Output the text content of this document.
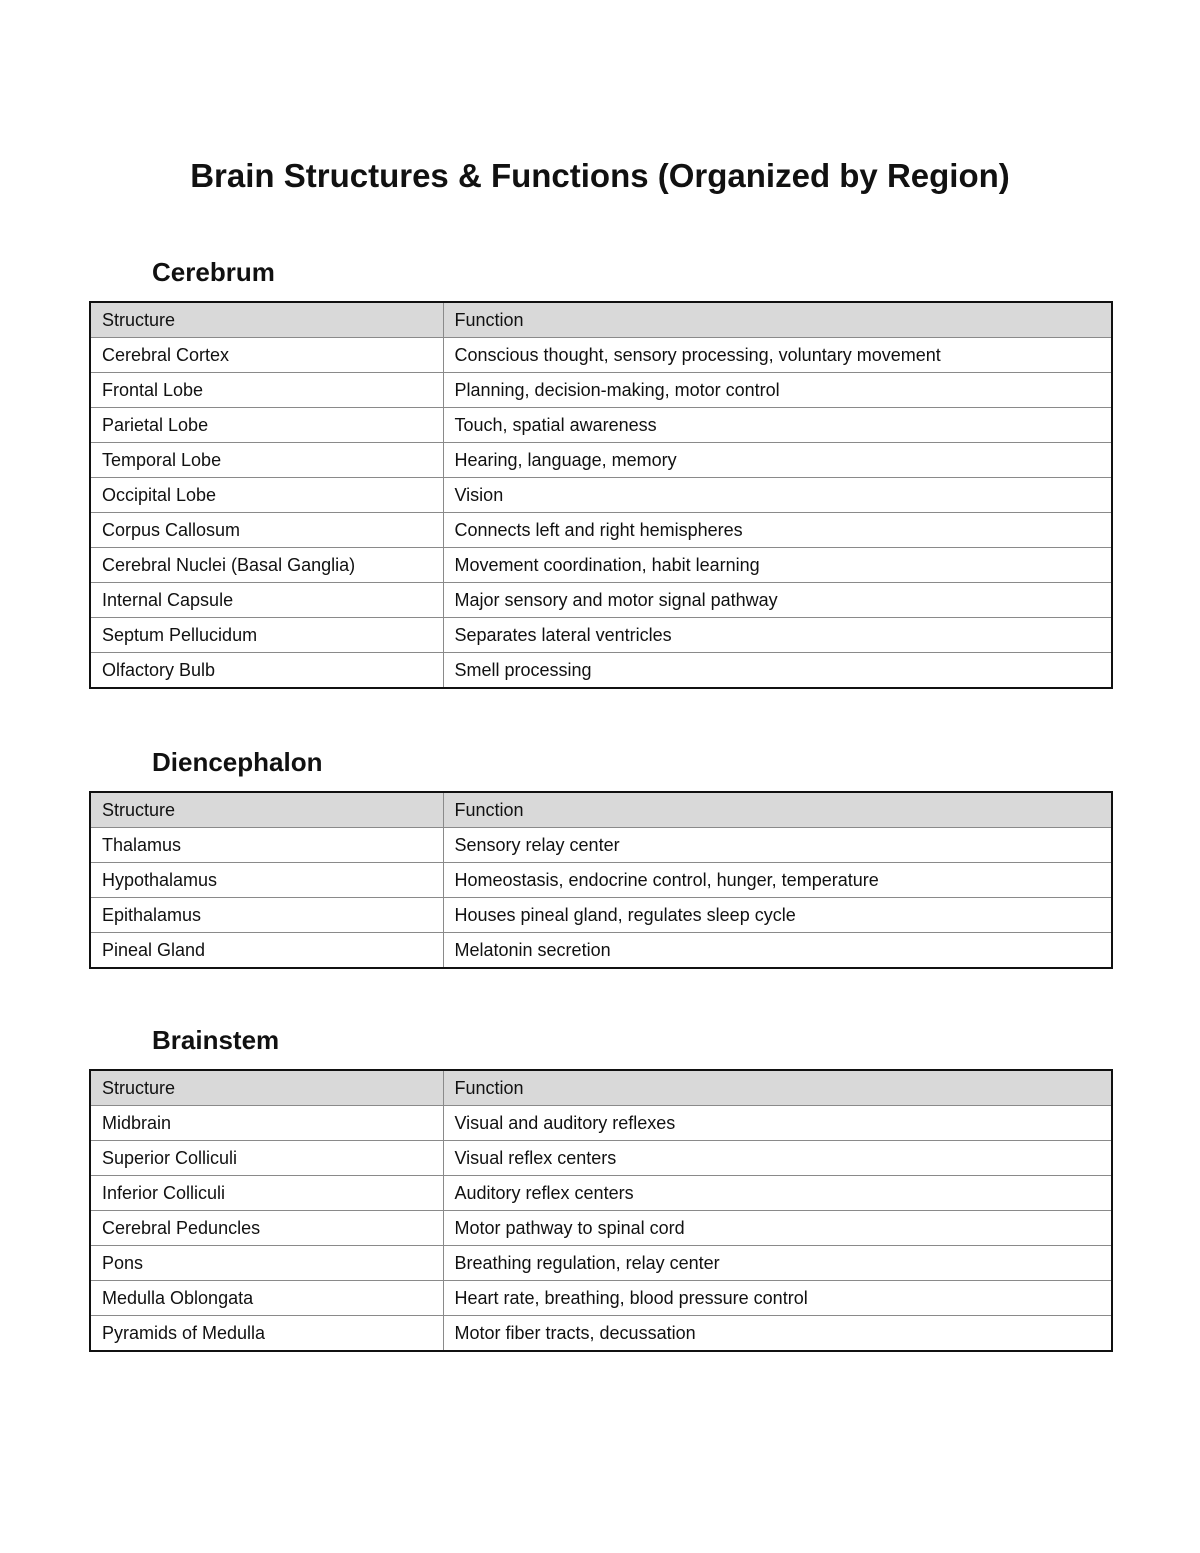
Brain Structures & Functions (Organized by Region)
Cerebrum
Structure	Function
Cerebral Cortex	Conscious thought, sensory processing, voluntary movement
Frontal Lobe	Planning, decision-making, motor control
Parietal Lobe	Touch, spatial awareness
Temporal Lobe	Hearing, language, memory
Occipital Lobe	Vision
Corpus Callosum	Connects left and right hemispheres
Cerebral Nuclei (Basal Ganglia)	Movement coordination, habit learning
Internal Capsule	Major sensory and motor signal pathway
Septum Pellucidum	Separates lateral ventricles
Olfactory Bulb	Smell processing
Diencephalon
Structure	Function
Thalamus	Sensory relay center
Hypothalamus	Homeostasis, endocrine control, hunger, temperature
Epithalamus	Houses pineal gland, regulates sleep cycle
Pineal Gland	Melatonin secretion
Brainstem
Structure	Function
Midbrain	Visual and auditory reflexes
Superior Colliculi	Visual reflex centers
Inferior Colliculi	Auditory reflex centers
Cerebral Peduncles	Motor pathway to spinal cord
Pons	Breathing regulation, relay center
Medulla Oblongata	Heart rate, breathing, blood pressure control
Pyramids of Medulla	Motor fiber tracts, decussation
